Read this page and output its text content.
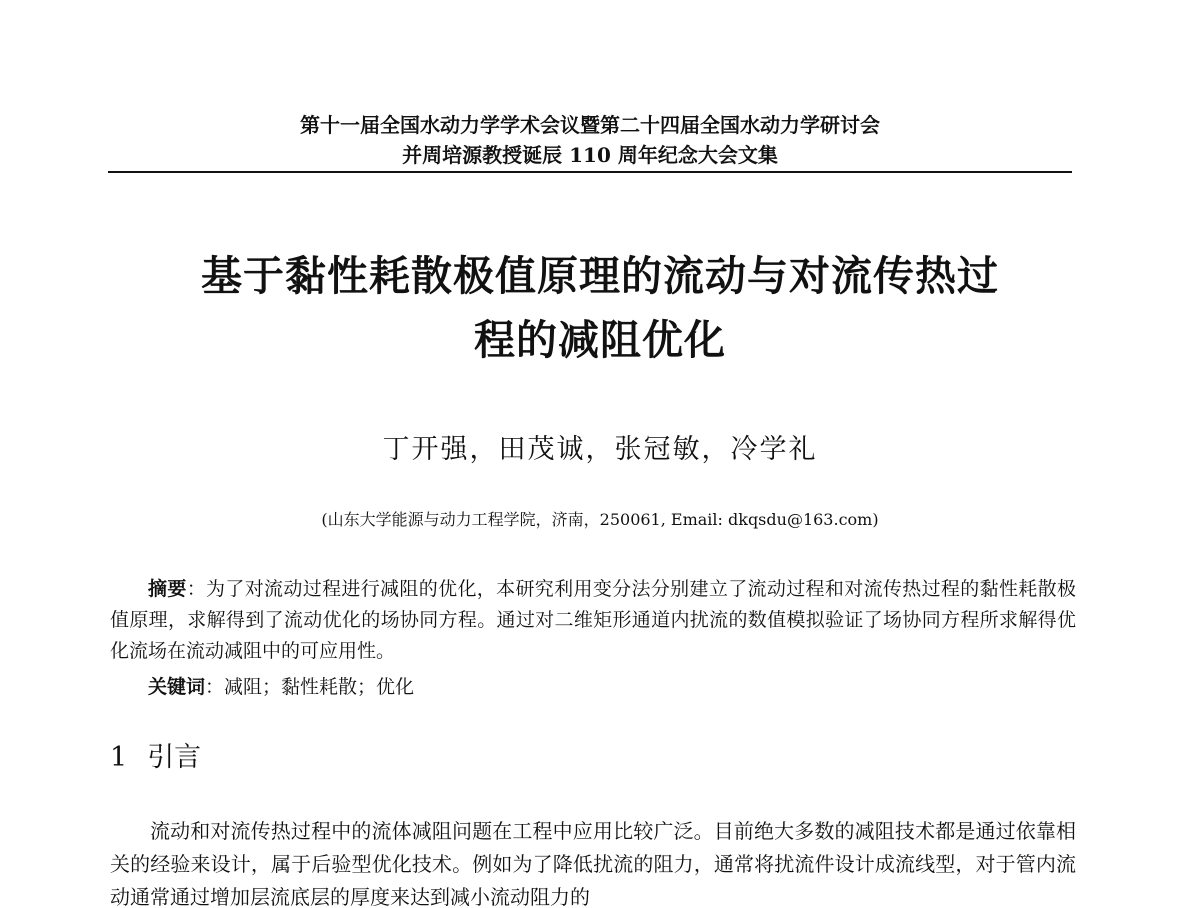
第十一届全国水动力学学术会议暨第二十四届全国水动力学研讨会
并周培源教授诞辰 110 周年纪念大会文集
基于黏性耗散极值原理的流动与对流传热过
程的减阻优化
丁开强，田茂诚，张冠敏，冷学礼
(山东大学能源与动力工程学院，济南，250061, Email: dkqsdu@163.com)

摘要：为了对流动过程进行减阻的优化，本研究利用变分法分别建立了流动过程和对流传热过程的黏性耗散极值原理，求解得到了流动优化的场协同方程。通过对二维矩形通道内扰流的数值模拟验证了场协同方程所求解得优化流场在流动减阻中的可应用性。

关键词：减阻；黏性耗散；优化
1 引言

流动和对流传热过程中的流体减阻问题在工程中应用比较广泛。目前绝大多数的减阻技术都是通过依靠相关的经验来设计，属于后验型优化技术。例如为了降低扰流的阻力，通常将扰流件设计成流线型，对于管内流动通常通过增加层流底层的厚度来达到减小流动阻力的
